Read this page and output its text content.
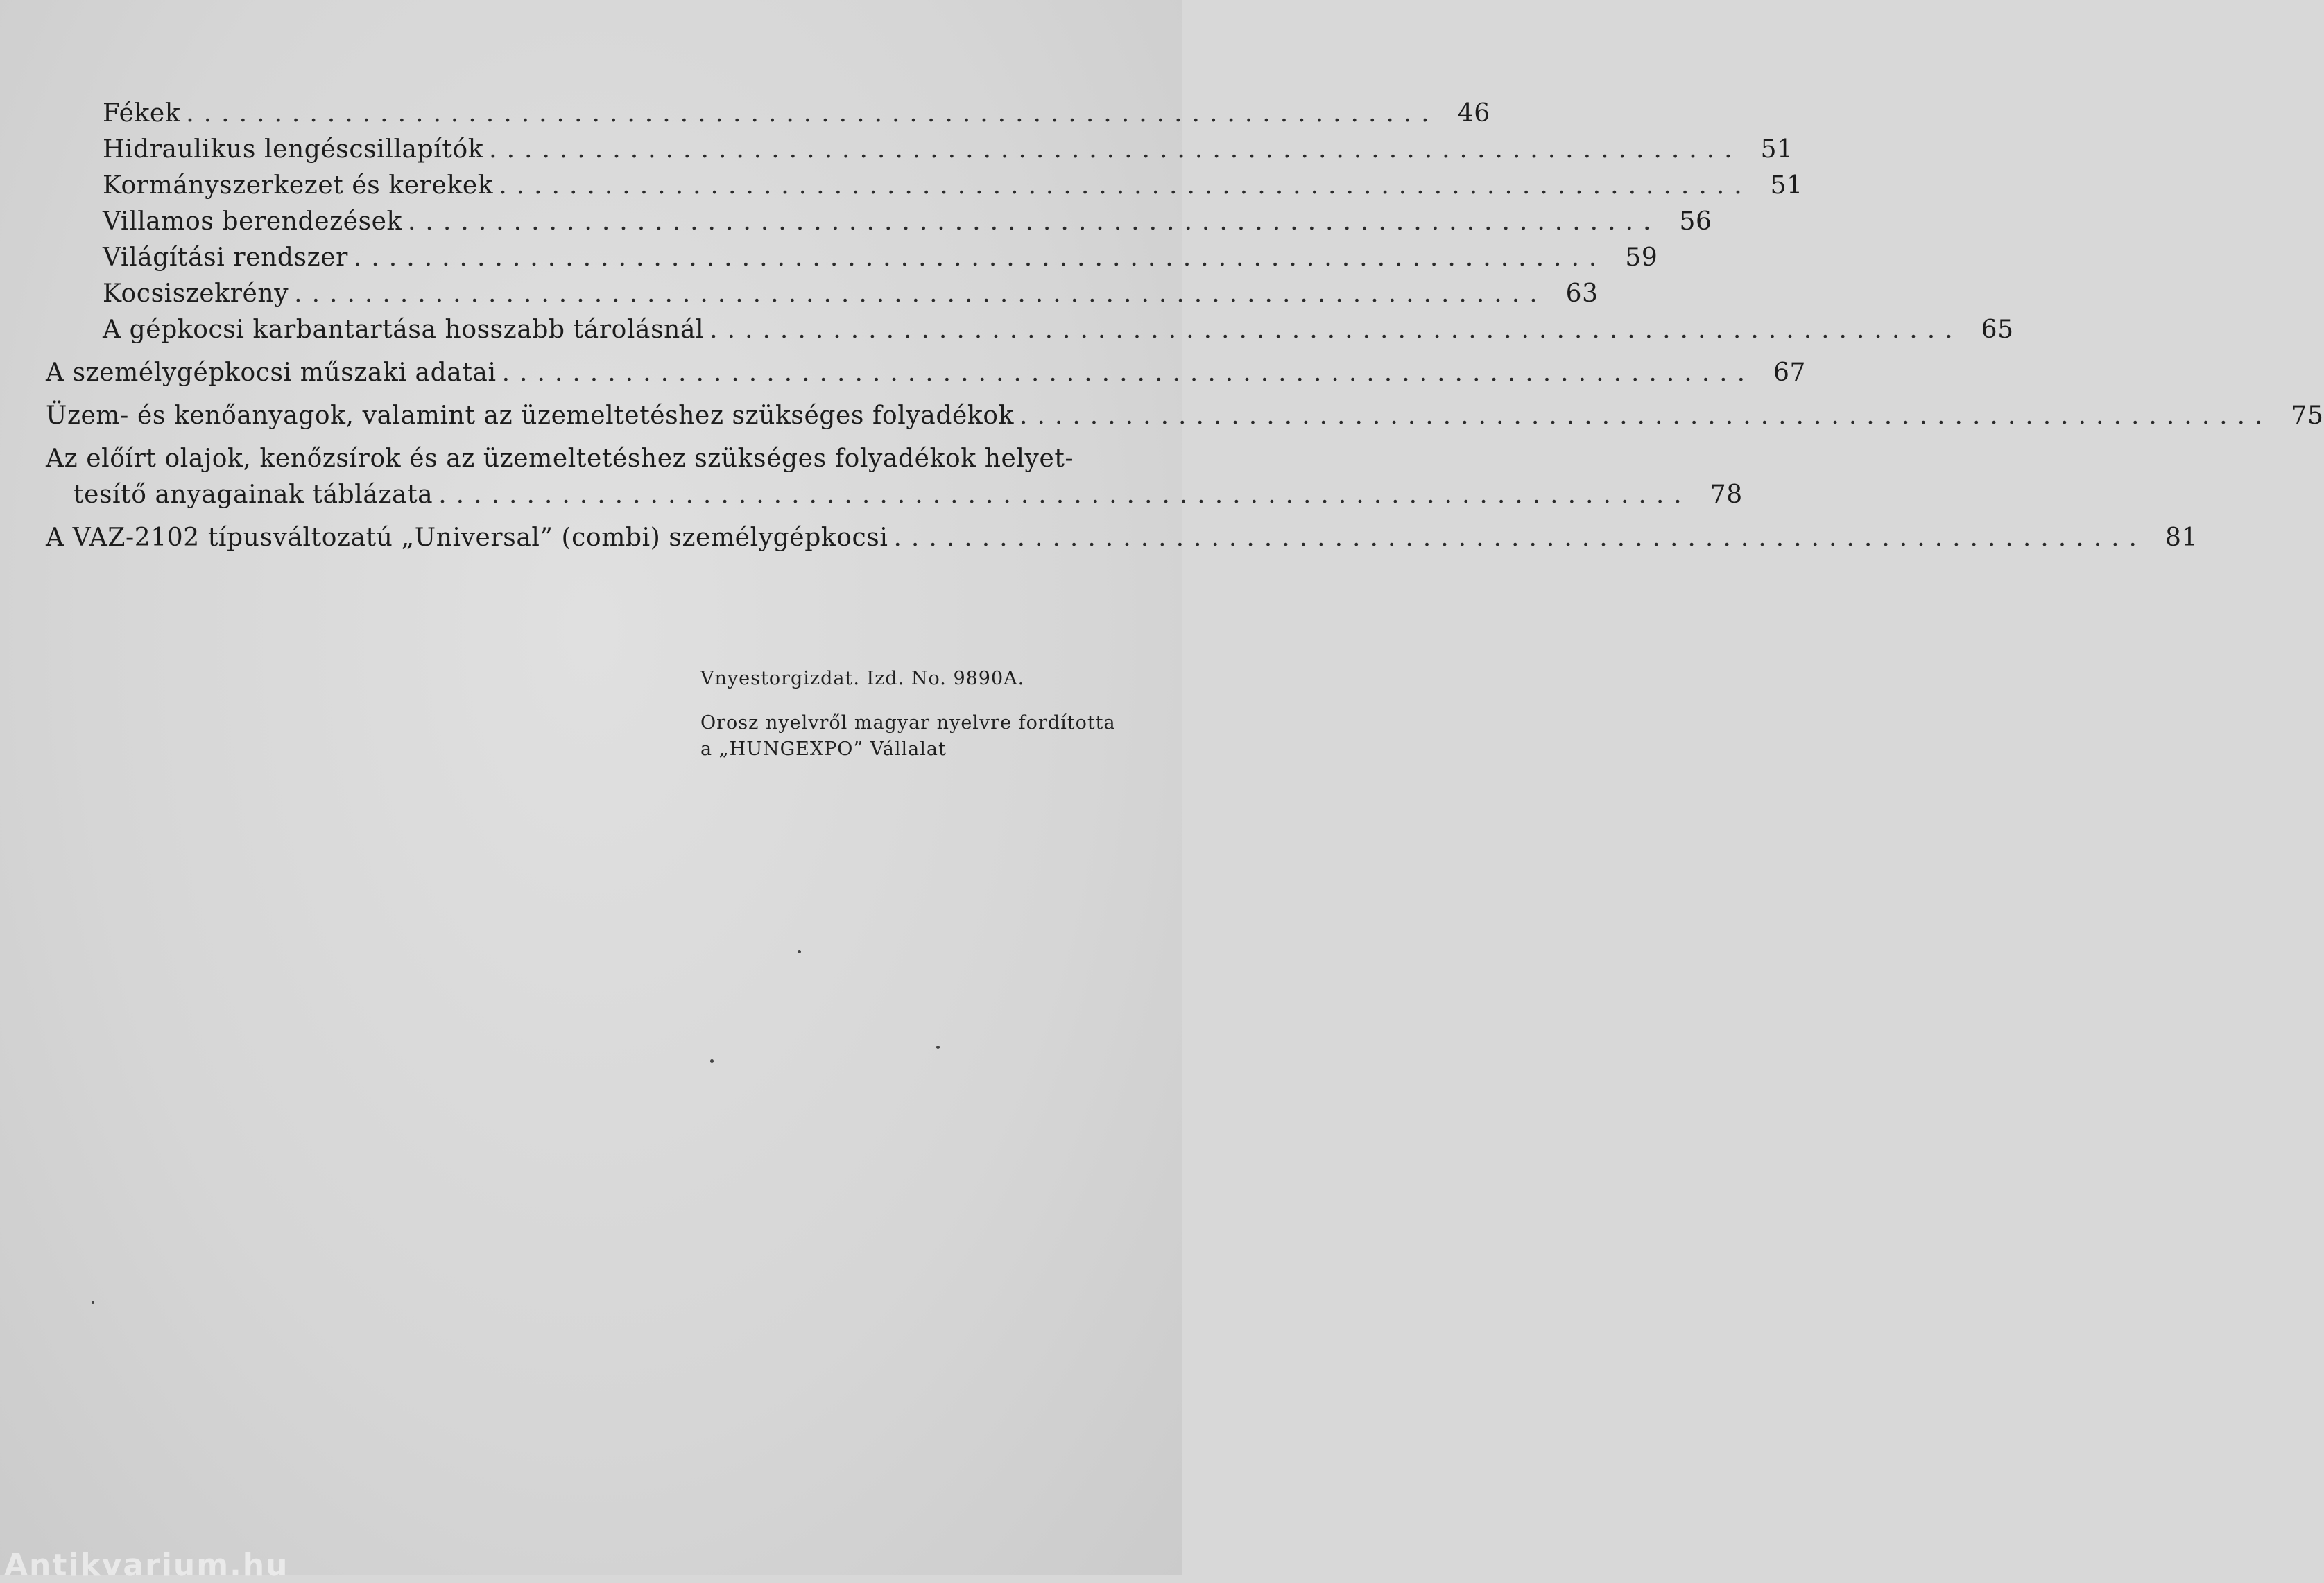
Fékek ....................................................................... 46
Hidraulikus lengéscsillapítók ....................................................................... 51
Kormányszerkezet és kerekek ....................................................................... 51
Villamos berendezések ....................................................................... 56
Világítási rendszer ....................................................................... 59
Kocsiszekrény ....................................................................... 63
A gépkocsi karbantartása hosszabb tárolásnál ....................................................................... 65
A személygépkocsi műszaki adatai ....................................................................... 67
Üzem- és kenőanyagok, valamint az üzemeltetéshez szükséges folyadékok ....................................................................... 75
Az előírt olajok, kenőzsírok és az üzemeltetéshez szükséges folyadékok helyet-
tesítő anyagainak táblázata ....................................................................... 78
A VAZ-2102 típusváltozatú „Universal” (combi) személygépkocsi ....................................................................... 81
Vnyestorgizdat. Izd. No. 9890A.
Orosz nyelvről magyar nyelvre fordította
a „HUNGEXPO” Vállalat
Antikvarium.hu
